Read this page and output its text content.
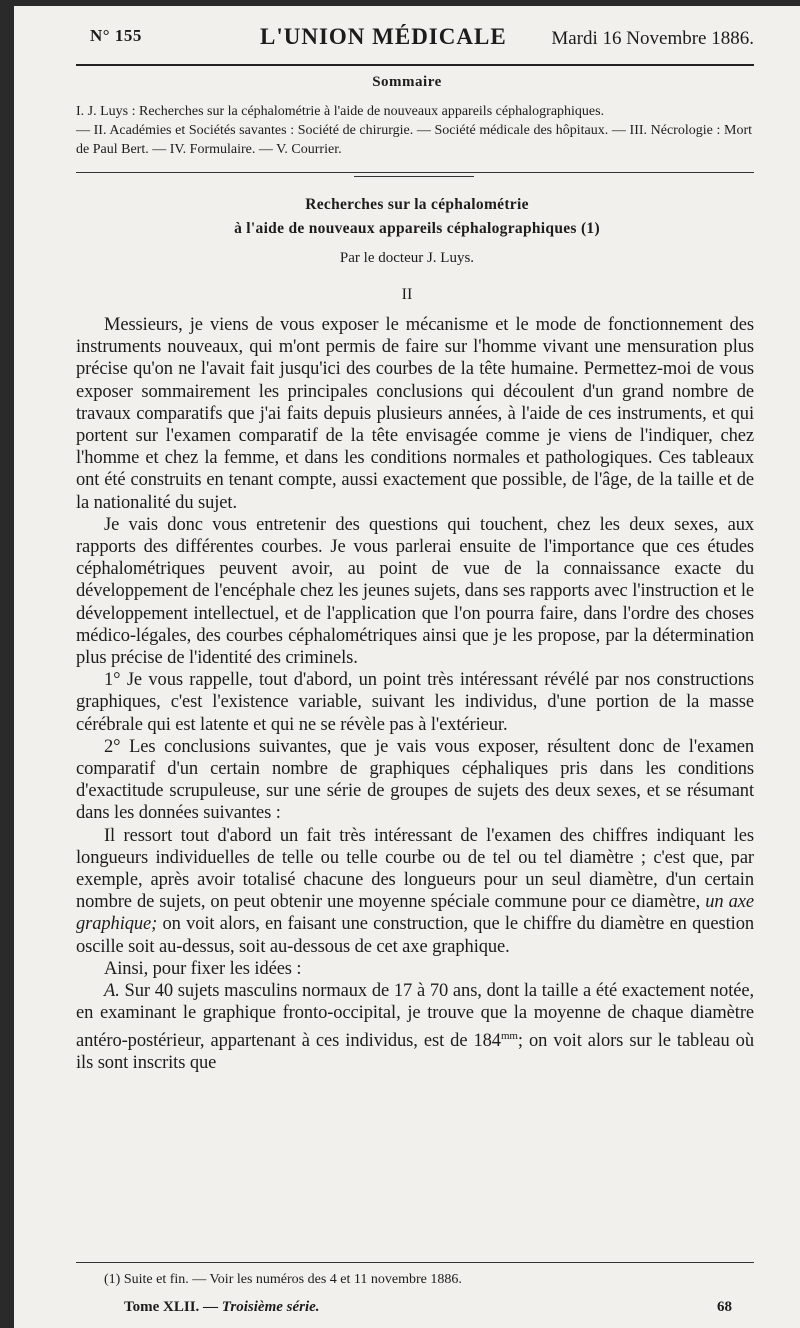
N° 155	L'UNION MÉDICALE Mardi 16 Novembre 1886.
Sommaire
I. J. Luys : Recherches sur la céphalométrie à l'aide de nouveaux appareils céphalographiques.
— II. Académies et Sociétés savantes : Société de chirurgie. — Société médicale des hôpitaux. — III. Nécrologie : Mort de Paul Bert. — IV. Formulaire. — V. Courrier.
Recherches sur la céphalométrie
à l'aide de nouveaux appareils céphalographiques (1)
Par le docteur J. Luys.
II

Messieurs, je viens de vous exposer le mécanisme et le mode de fonctionnement des instruments nouveaux, qui m'ont permis de faire sur l'homme vivant une mensuration plus précise qu'on ne l'avait fait jusqu'ici des courbes de la tête humaine. Permettez-moi de vous exposer sommairement les principales conclusions qui découlent d'un grand nombre de travaux comparatifs que j'ai faits depuis plusieurs années, à l'aide de ces instruments, et qui portent sur l'examen comparatif de la tête envisagée comme je viens de l'indiquer, chez l'homme et chez la femme, et dans les conditions normales et pathologiques. Ces tableaux ont été construits en tenant compte, aussi exactement que possible, de l'âge, de la taille et de la nationalité du sujet.

Je vais donc vous entretenir des questions qui touchent, chez les deux sexes, aux rapports des différentes courbes. Je vous parlerai ensuite de l'importance que ces études céphalométriques peuvent avoir, au point de vue de la connaissance exacte du développement de l'encéphale chez les jeunes sujets, dans ses rapports avec l'instruction et le développement intellectuel, et de l'application que l'on pourra faire, dans l'ordre des choses médico-légales, des courbes céphalométriques ainsi que je les propose, par la détermination plus précise de l'identité des criminels.

1° Je vous rappelle, tout d'abord, un point très intéressant révélé par nos constructions graphiques, c'est l'existence variable, suivant les individus, d'une portion de la masse cérébrale qui est latente et qui ne se révèle pas à l'extérieur.

2° Les conclusions suivantes, que je vais vous exposer, résultent donc de l'examen comparatif d'un certain nombre de graphiques céphaliques pris dans les conditions d'exactitude scrupuleuse, sur une série de groupes de sujets des deux sexes, et se résumant dans les données suivantes :

Il ressort tout d'abord un fait très intéressant de l'examen des chiffres indiquant les longueurs individuelles de telle ou telle courbe ou de tel ou tel diamètre ; c'est que, par exemple, après avoir totalisé chacune des longueurs pour un seul diamètre, d'un certain nombre de sujets, on peut obtenir une moyenne spéciale commune pour ce diamètre, un axe graphique; on voit alors, en faisant une construction, que le chiffre du diamètre en question oscille soit au-dessus, soit au-dessous de cet axe graphique.

Ainsi, pour fixer les idées :

A. Sur 40 sujets masculins normaux de 17 à 70 ans, dont la taille a été exactement notée, en examinant le graphique fronto-occipital, je trouve que la moyenne de chaque diamètre antéro-postérieur, appartenant à ces individus, est de $184^{mm}$; on voit alors sur le tableau où ils sont inscrits que

(1) Suite et fin. — Voir les numéros des 4 et 11 novembre 1886.
Tome XLII. — Troisième série.	68
